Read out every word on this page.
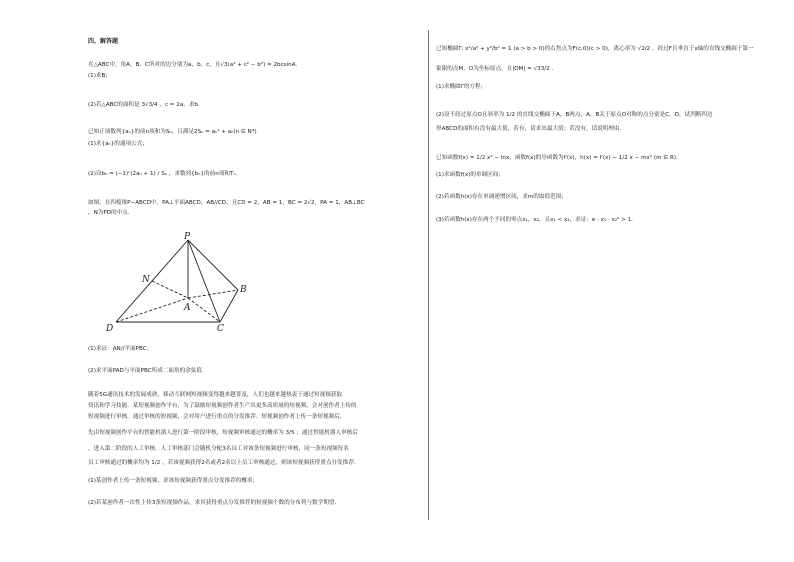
四、解答题
在△ABC中，角A，B，C所对的边分别为a，b，c，且√3(a² + c² − b²) = 2bcsinA.
(1)求B；
(2)若△ABC的面积是 3√3/4 ，c = 2a，求b.
已知正项数列{aₙ}的前n项和为Sₙ，且满足2Sₙ = aₙ² + aₙ(n ∈ N*)
(1)求{aₙ}的通项公式；
(2)设bₙ = (−1)ⁿ(2aₙ + 1) / Sₙ ，求数列{bₙ}的前n项和Tₙ.
如图，在四棱锥P−ABCD中，PA⊥平面ABCD，AB//CD，且CD = 2，AB = 1，BC = 2√2，PA = 1，AB⊥BC
，N为PD的中点.
P
N
A
B
D	C
(1)求证：AN//平面PBC；
(2)求平面PAD与平面PBC所成二面角的余弦值.
随着5G通讯技术的发展成熟，移动互联网短视频变得越来越普及，人们也越来越热衷于通过短视频获取
资讯和学习技能．某短视频创作平台，为了鼓励短视频创作者生产出更多高质量的短视频，会对创作者上传的
短视频进行审核，通过审核的短视频，会对用户进行重点的分发推荐．短视频创作者上传一条短视频后，
先由短视频创作平台的智能机器人进行第一阶段审核，短视频审核通过的概率为 3/5 ；通过智能机器人审核后
，进入第二阶段的人工审核．人工审核部门会随机分配3名员工对该条短视频进行审核，同一条短视频每名
员工审核通过的概率均为 1/2 ，若该视频获得2名或者2名以上员工审核通过，则该短视频获得重点分发推荐.
(1)某创作者上传一条短视频，求该短视频获得重点分发推荐的概率；
(2)若某创作者一次性上传3条短视频作品，求其获得重点分发推荐的短视频个数的分布列与数学期望.
已知椭圆Γ: x²/a² + y²/b² = 1 (a > b > 0)的右焦点为F(c,0)(c > 0)，离心率为 √2/2 ，经过F且垂直于x轴的直线交椭圆于第一
象限的点M，O为坐标原点，且|OM| = √33/2 .
(1)求椭圆Γ的方程；
(2)设不经过原点O且斜率为 1/2 的直线交椭圆于A，B两点，A，B关于原点O对称的点分别是C，D，试判断四边
形ABCD的面积有没有最大值，若有，请求出最大值；若没有，请说明理由.
已知函数f(x) = 1/2 x² − lnx，函数f(x)的导函数为f′(x)，h(x) = f′(x) − 1/2 x − mx² (m ∈ R).
(1)求函数f(x)的单调区间；
(2)若函数h(x)存在单调递增区间，求m的取值范围；
(3)若函数h(x)存在两个不同的零点x₁，x₂，且x₁ < x₂，求证：e · x₁ · x₂² > 1.
